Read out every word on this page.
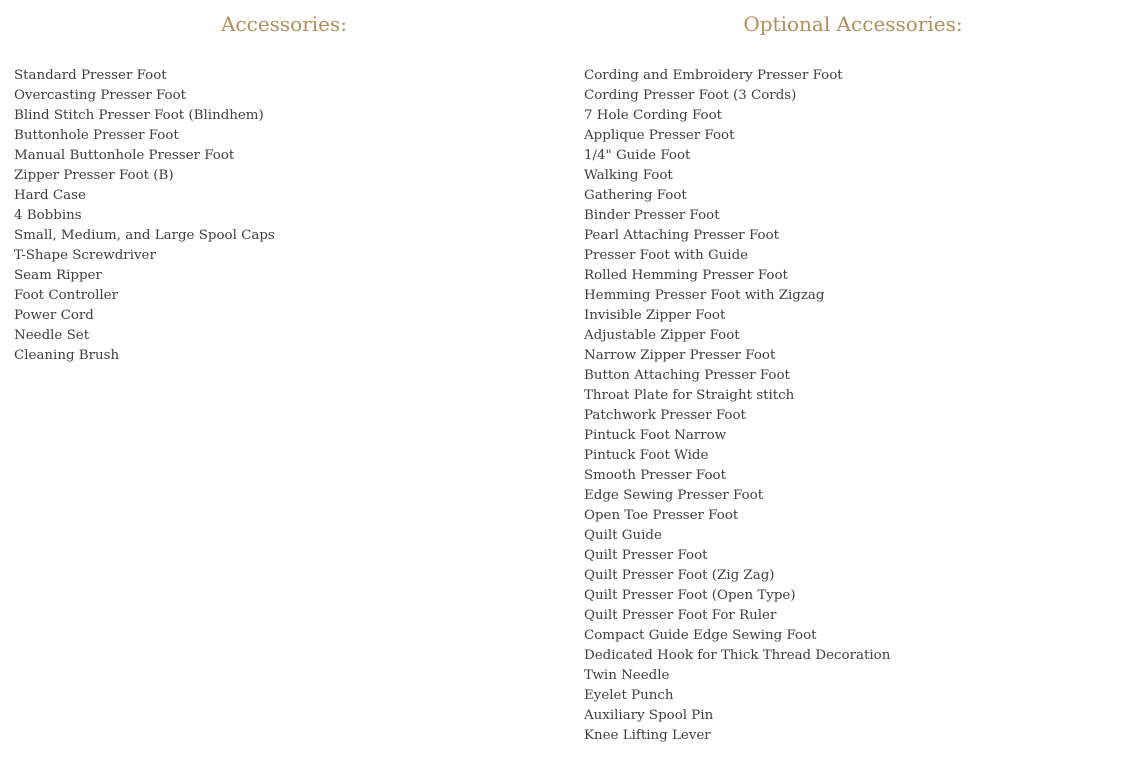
Accessories:
Standard Presser Foot
Overcasting Presser Foot
Blind Stitch Presser Foot (Blindhem)
Buttonhole Presser Foot
Manual Buttonhole Presser Foot
Zipper Presser Foot (B)
Hard Case
4 Bobbins
Small, Medium, and Large Spool Caps
T-Shape Screwdriver
Seam Ripper
Foot Controller
Power Cord
Needle Set
Cleaning Brush
Optional Accessories:
Cording and Embroidery Presser Foot
Cording Presser Foot (3 Cords)
7 Hole Cording Foot
Applique Presser Foot
1/4" Guide Foot
Walking Foot
Gathering Foot
Binder Presser Foot
Pearl Attaching Presser Foot
Presser Foot with Guide
Rolled Hemming Presser Foot
Hemming Presser Foot with Zigzag
Invisible Zipper Foot
Adjustable Zipper Foot
Narrow Zipper Presser Foot
Button Attaching Presser Foot
Throat Plate for Straight stitch
Patchwork Presser Foot
Pintuck Foot Narrow
Pintuck Foot Wide
Smooth Presser Foot
Edge Sewing Presser Foot
Open Toe Presser Foot
Quilt Guide
Quilt Presser Foot
Quilt Presser Foot (Zig Zag)
Quilt Presser Foot (Open Type)
Quilt Presser Foot For Ruler
Compact Guide Edge Sewing Foot
Dedicated Hook for Thick Thread Decoration
Twin Needle
Eyelet Punch
Auxiliary Spool Pin
Knee Lifting Lever
